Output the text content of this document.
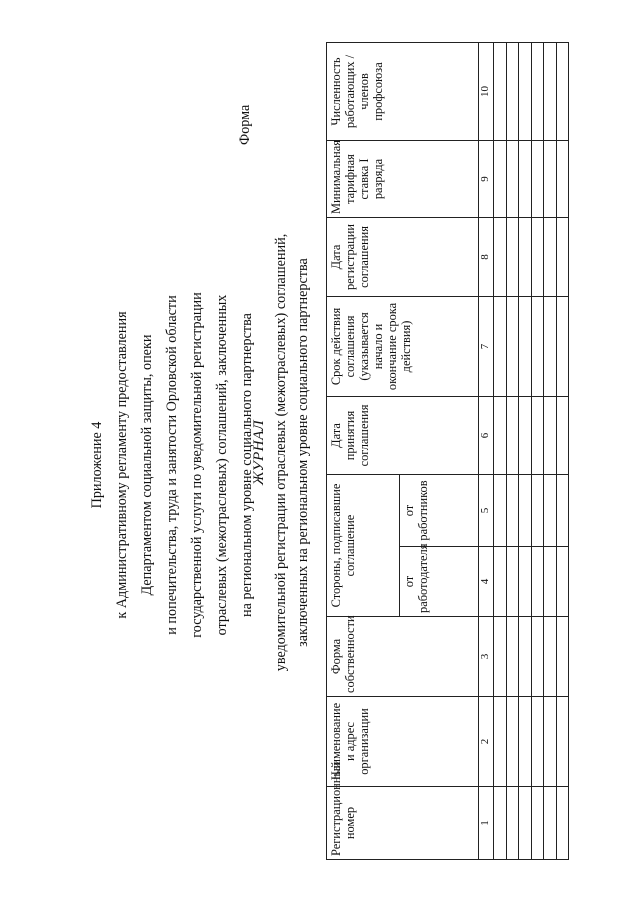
Приложение 4 к Административному регламенту предоставления Департаментом социальной защиты, опеки и попечительства, труда и занятости Орловской области государственной услуги по уведомительной регистрации отраслевых (межотраслевых) соглашений, заключенных на региональном уровне социального партнерства
Форма
ЖУРНАЛ уведомительной регистрации отраслевых (межотраслевых) соглашений, заключенных на региональном уровне социального партнерства
Регистрационный номер	Наименование и адрес организации	Форма собственности	Стороны, подписавшие соглашение		Дата принятия соглашения	Срок действия соглашения (указывается начало и окончание срока действия)	Дата регистрации соглашения	Минимальная тарифная ставка I разряда	Численность работающих / членов профсоюза
			от работодателя	от работников					
1	2	3	4	5	6	7	8	9	10
